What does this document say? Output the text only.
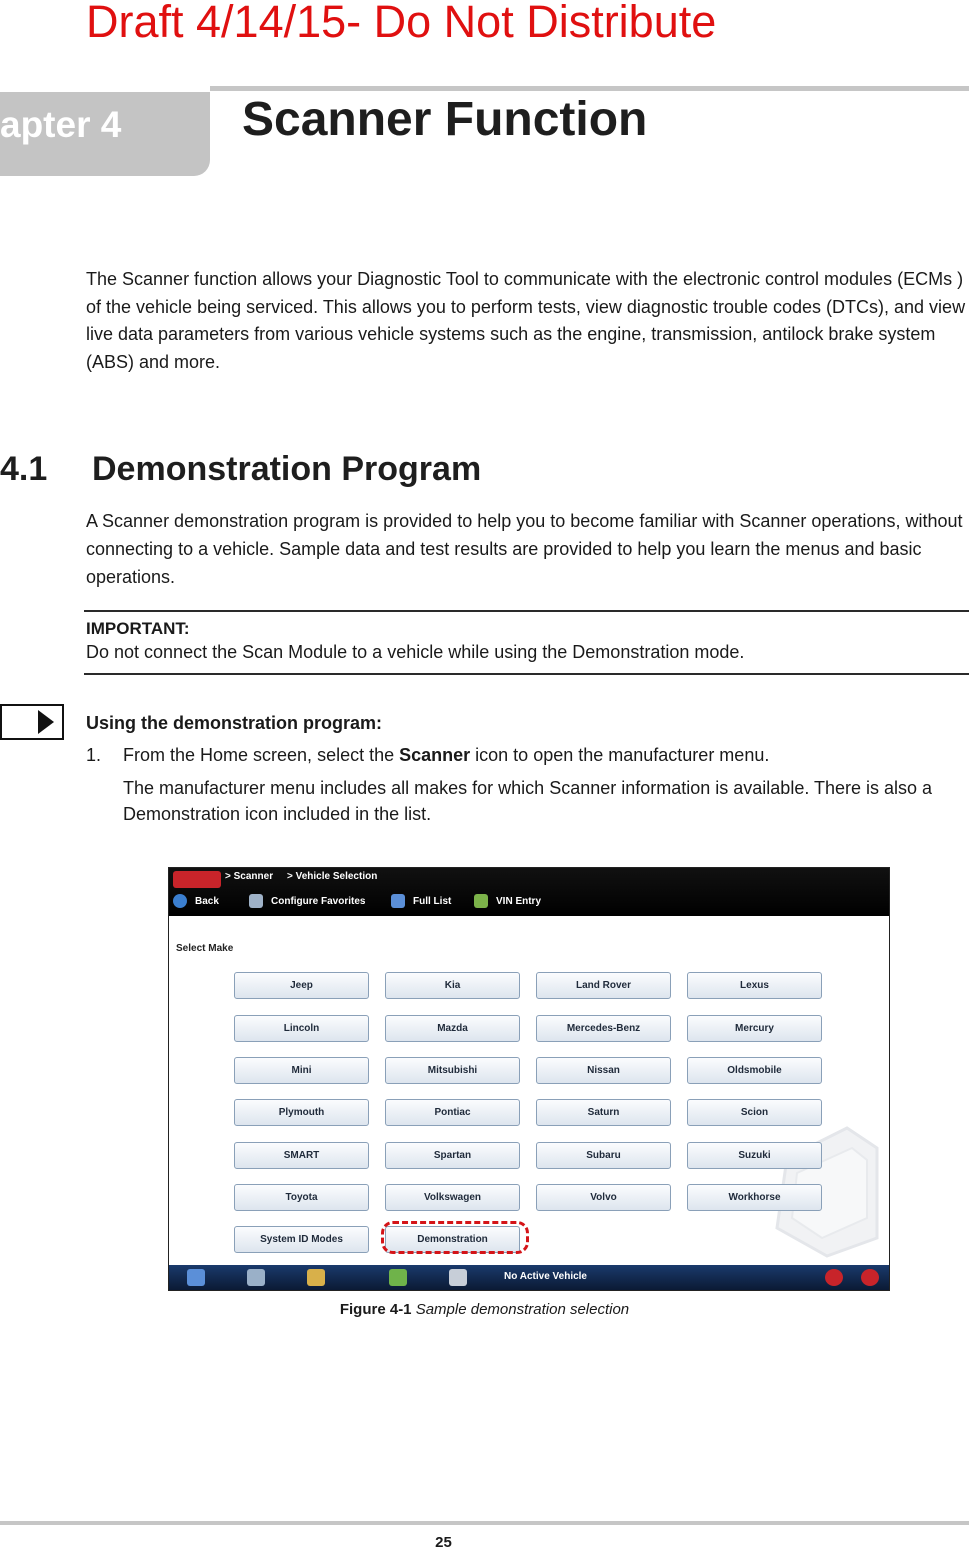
Draft 4/14/15- Do Not Distribute
apter 4	Scanner Function
The Scanner function allows your Diagnostic Tool to communicate with the electronic control modules (ECMs ) of the vehicle being serviced. This allows you to perform tests, view diagnostic trouble codes (DTCs), and view live data parameters from various vehicle systems such as the engine, transmission, antilock brake system (ABS) and more.
4.1 Demonstration Program
A Scanner demonstration program is provided to help you to become familiar with Scanner operations, without connecting to a vehicle. Sample data and test results are provided to help you learn the menus and basic operations.
IMPORTANT:
Do not connect the Scan Module to a vehicle while using the Demonstration mode.
Using the demonstration program:
1. From the Home screen, select the Scanner icon to open the manufacturer menu.
The manufacturer menu includes all makes for which Scanner information is available. There is also a Demonstration icon included in the list.
> Scanner > Vehicle Selection
Back	Configure Favorites	Full List	VIN Entry
Select Make
Jeep	Kia	Land Rover	Lexus
Lincoln	Mazda	Mercedes-Benz	Mercury
Mini	Mitsubishi	Nissan	Oldsmobile
Plymouth	Pontiac	Saturn	Scion
SMART	Spartan	Subaru	Suzuki
Toyota	Volkswagen	Volvo	Workhorse
System ID Modes	Demonstration
No Active Vehicle
Figure 4-1 Sample demonstration selection
25
